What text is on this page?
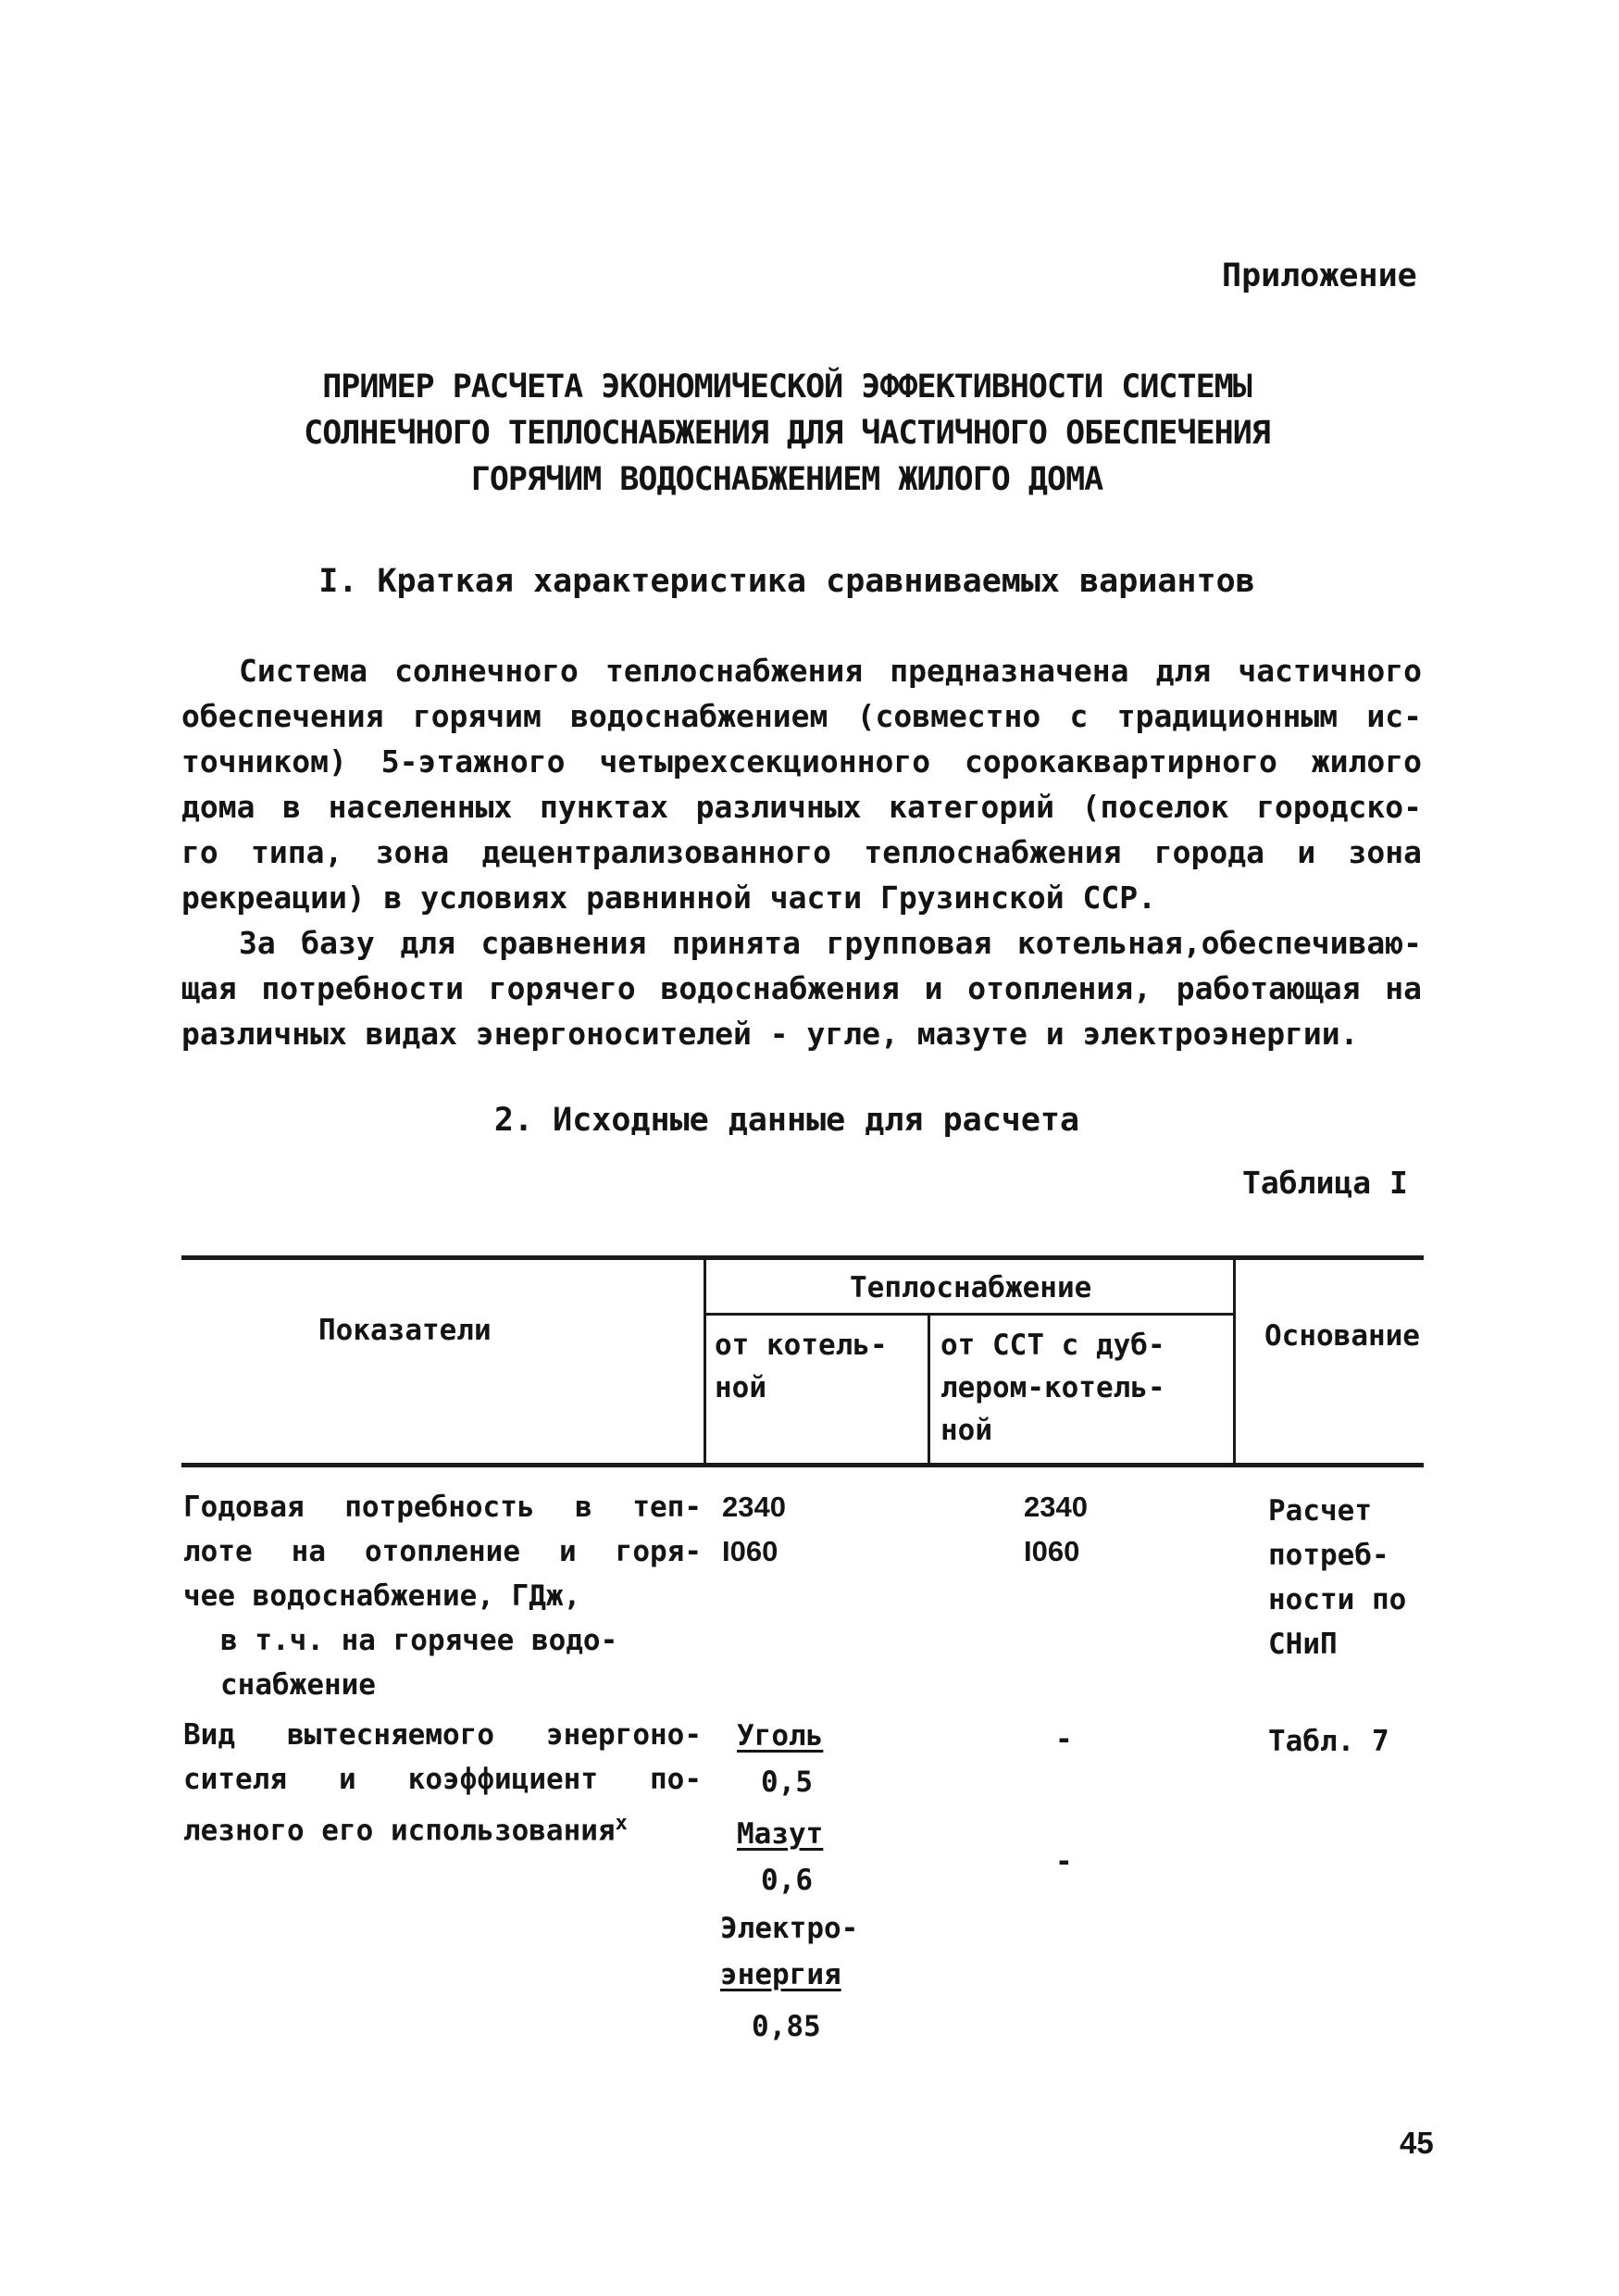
Приложение

ПРИМЕР РАСЧЕТА ЭКОНОМИЧЕСКОЙ ЭФФЕКТИВНОСТИ СИСТЕМЫ

СОЛНЕЧНОГО ТЕПЛОСНАБЖЕНИЯ ДЛЯ ЧАСТИЧНОГО ОБЕСПЕЧЕНИЯ

ГОРЯЧИМ ВОДОСНАБЖЕНИЕМ ЖИЛОГО ДОМА

I. Краткая характеристика сравниваемых вариантов

Система солнечного теплоснабжения предназначена для частичного
обеспечения горячим водоснабжением (совместно с традиционным ис-
точником) 5-этажного четырехсекционного сорокаквартирного жилого
дома в населенных пунктах различных категорий (поселок городско-
го типа, зона децентрализованного теплоснабжения города и зона
рекреации) в условиях равнинной части Грузинской ССР.
За базу для сравнения принята групповая котельная,обеспечиваю-
щая потребности горячего водоснабжения и отопления, работающая на
различных видах энергоносителей - угле, мазуте и электроэнергии.

2. Исходные данные для расчета

Таблица I

Показатели

Теплоснабжение

от котель-
ной
от ССТ с дуб-
лером-котель-
ной

Основание

Годовая потребность в теп-
лоте на отопление и горя-
чее водоснабжение, ГДж,
в т.ч. на горячее водо-
снабжение
2340
I060
2340
I060
Расчет
потреб-
ности по
СНиП
Вид вытесняемого энергоно-
сителя и коэффициент по-
лезного его использования$^x$

Уголь

0,5

Мазут

0,6

Электро-

энергия

0,85

-

-

Табл. 7

45
